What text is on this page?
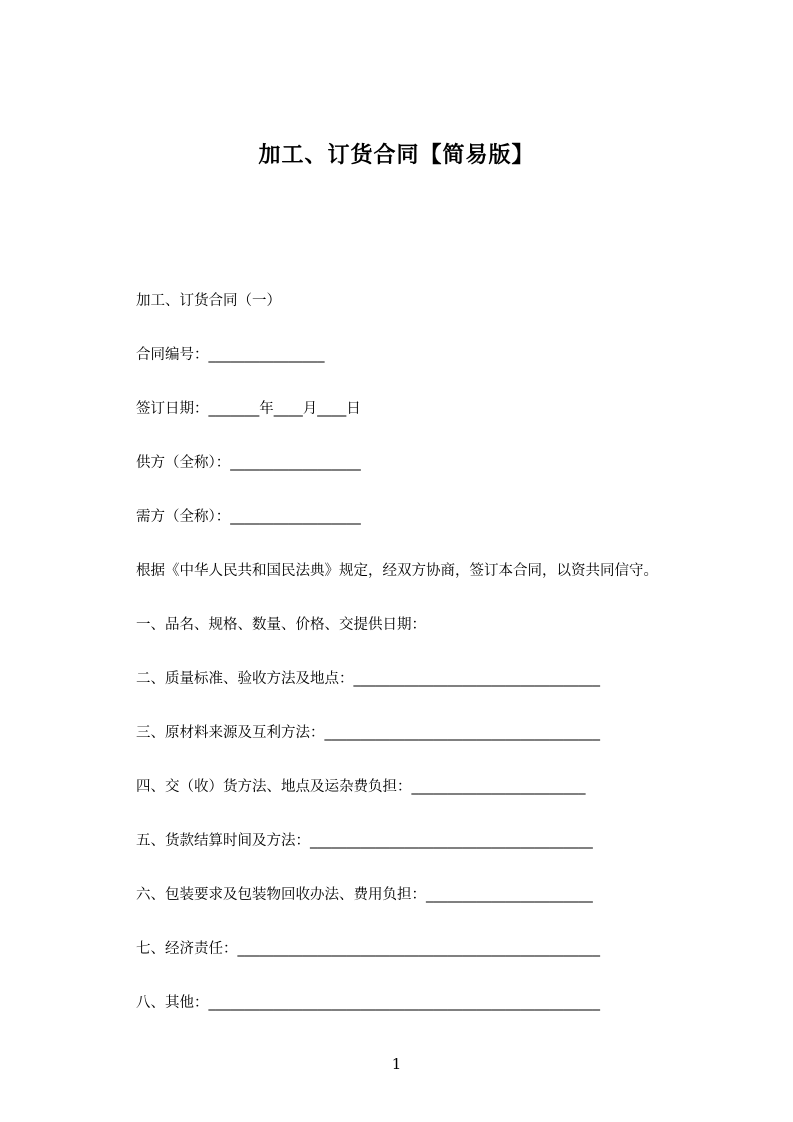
加工、订货合同【简易版】
加工、订货合同（一）
合同编号：________________
签订日期：_______年____月____日
供方（全称）：__________________
需方（全称）：__________________
根据《中华人民共和国民法典》规定，经双方协商，签订本合同，以资共同信守。
一、品名、规格、数量、价格、交提供日期：
二、质量标准、验收方法及地点：__________________________________
三、原材料来源及互利方法：______________________________________
四、交（收）货方法、地点及运杂费负担：________________________
五、货款结算时间及方法：_______________________________________
六、包装要求及包装物回收办法、费用负担：_______________________
七、经济责任：__________________________________________________
八、其他：______________________________________________________
1
